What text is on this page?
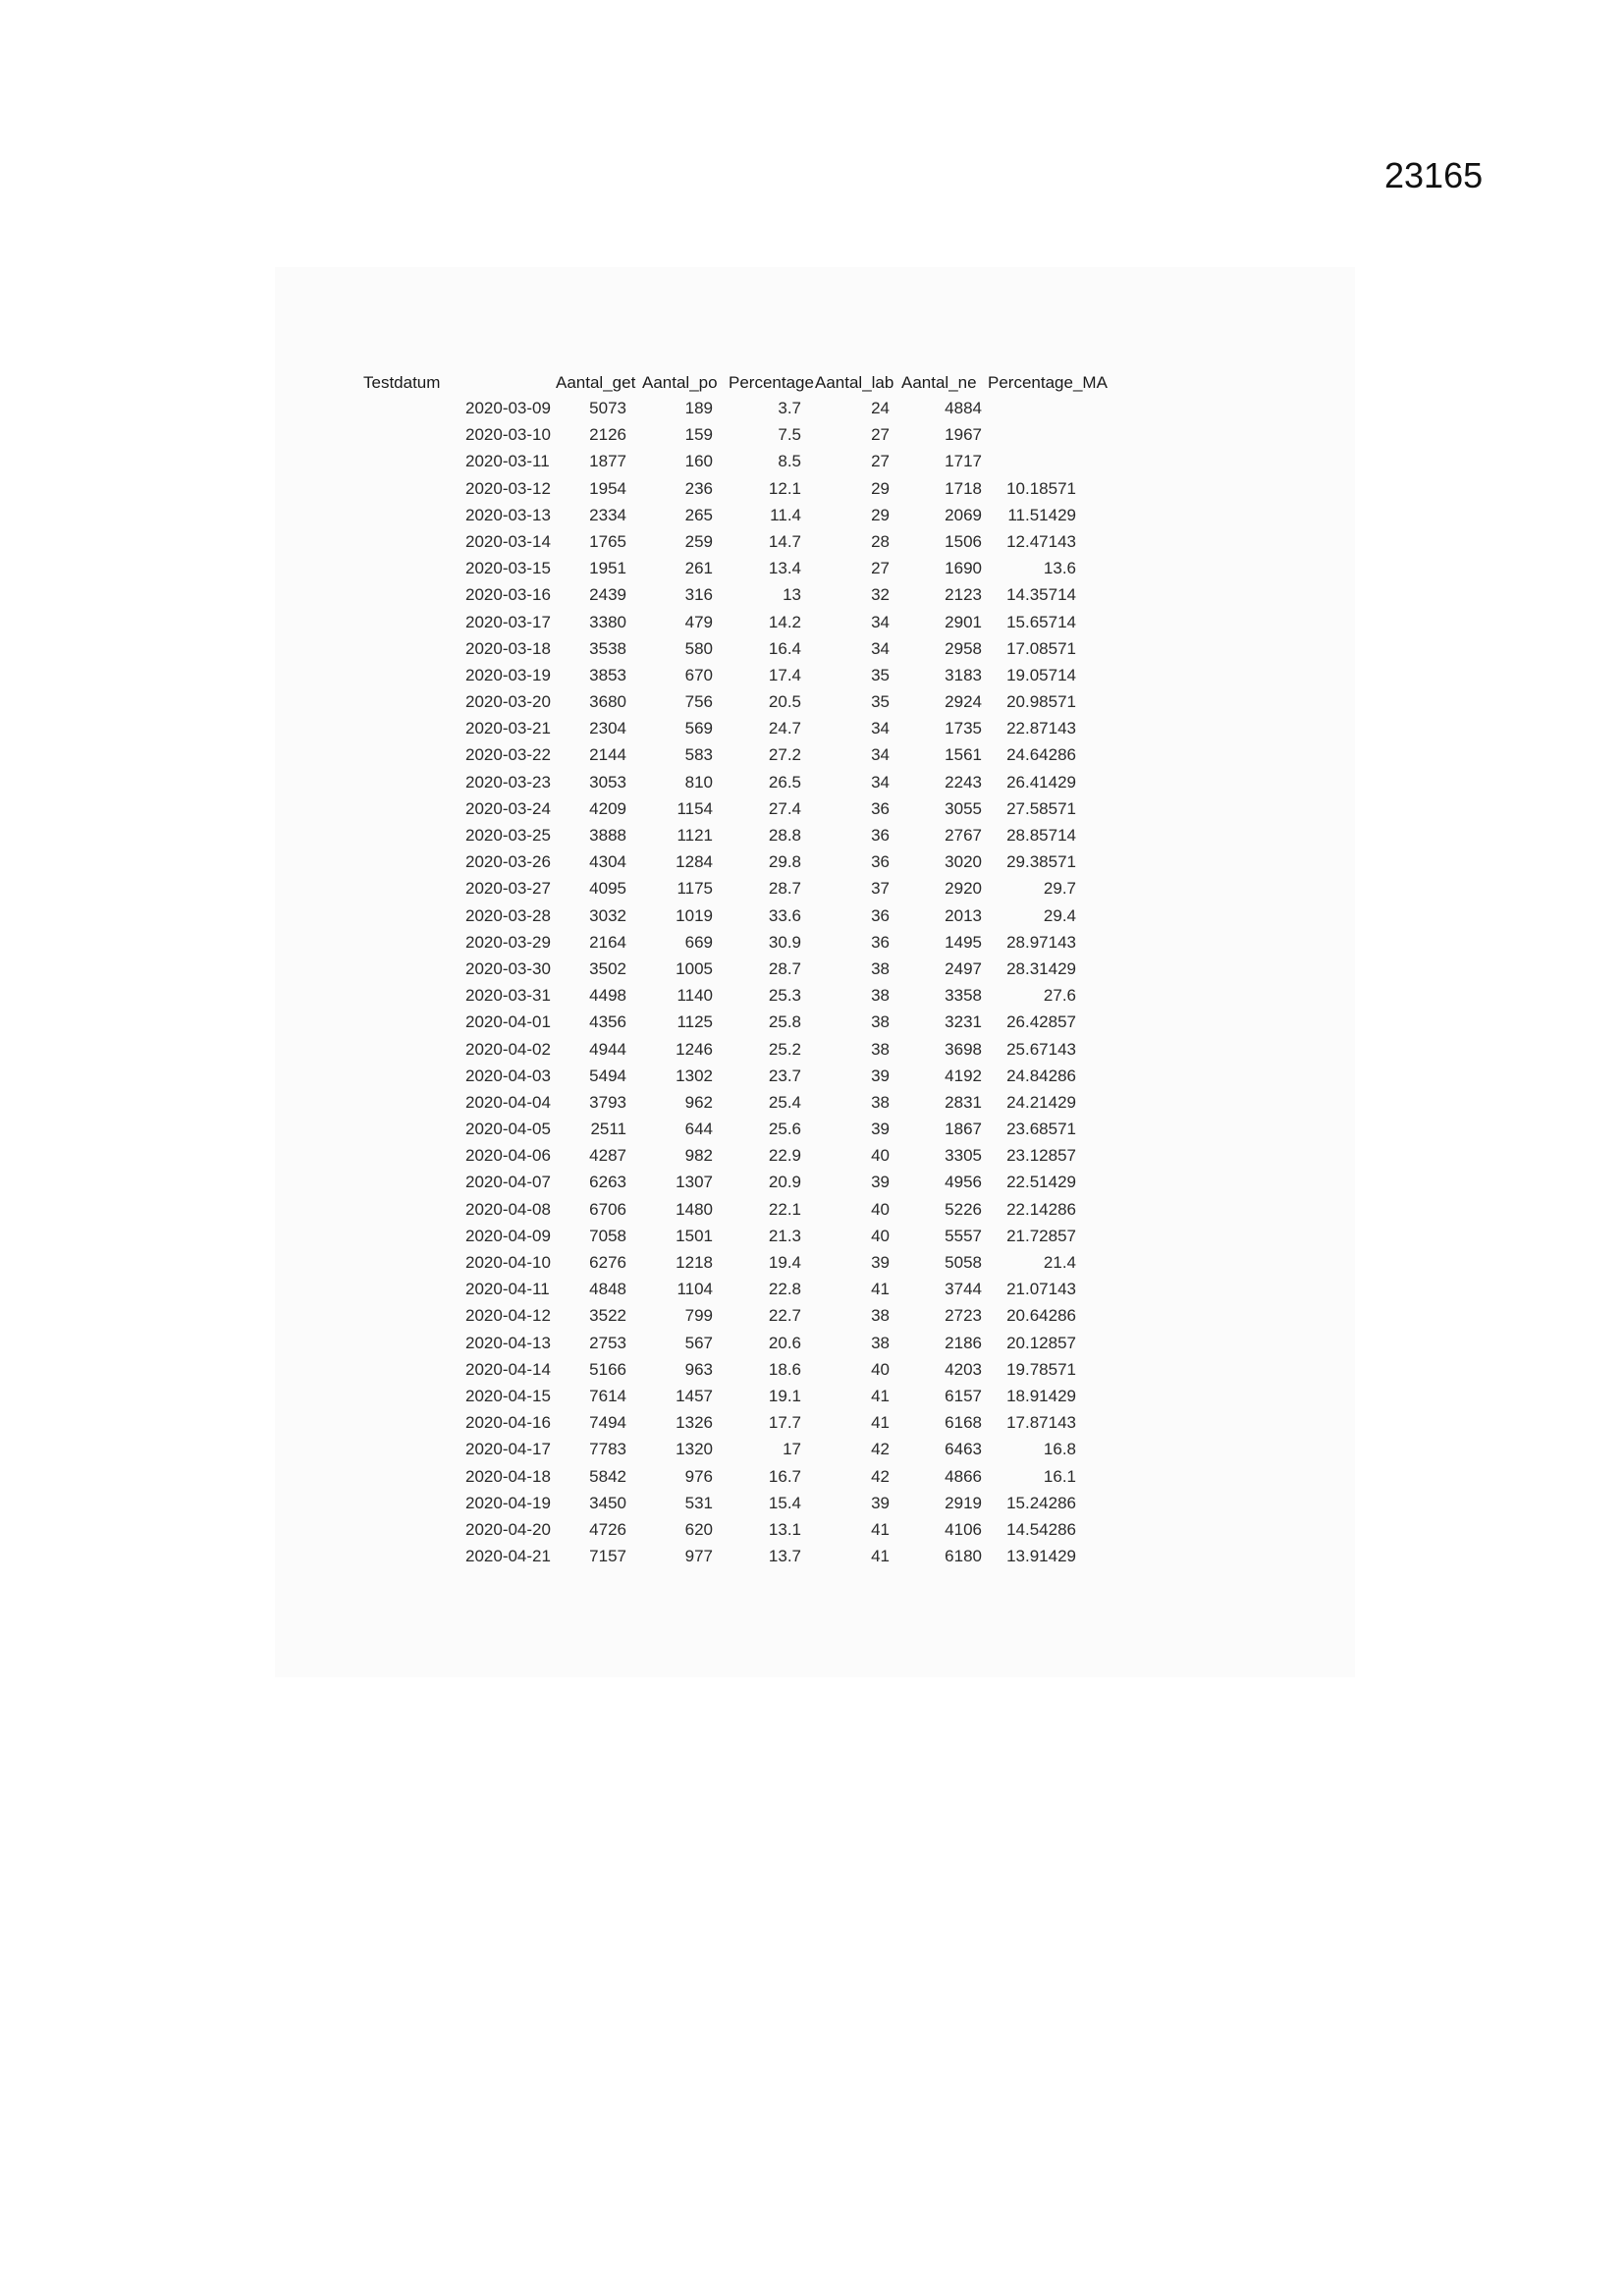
23165
Testdatum	Aantal_get Aantal_po Percentage Aantal_lab Aantal_ne Percentage_MA
2020-03-09	5073	189	3.7	24	4884
2020-03-10	2126	159	7.5	27	1967
2020-03-11	1877	160	8.5	27	1717
2020-03-12	1954	236	12.1	29	1718	10.18571
2020-03-13	2334	265	11.4	29	2069	11.51429
2020-03-14	1765	259	14.7	28	1506	12.47143
2020-03-15	1951	261	13.4	27	1690	13.6
2020-03-16	2439	316	13	32	2123	14.35714
2020-03-17	3380	479	14.2	34	2901	15.65714
2020-03-18	3538	580	16.4	34	2958	17.08571
2020-03-19	3853	670	17.4	35	3183	19.05714
2020-03-20	3680	756	20.5	35	2924	20.98571
2020-03-21	2304	569	24.7	34	1735	22.87143
2020-03-22	2144	583	27.2	34	1561	24.64286
2020-03-23	3053	810	26.5	34	2243	26.41429
2020-03-24	4209	1154	27.4	36	3055	27.58571
2020-03-25	3888	1121	28.8	36	2767	28.85714
2020-03-26	4304	1284	29.8	36	3020	29.38571
2020-03-27	4095	1175	28.7	37	2920	29.7
2020-03-28	3032	1019	33.6	36	2013	29.4
2020-03-29	2164	669	30.9	36	1495	28.97143
2020-03-30	3502	1005	28.7	38	2497	28.31429
2020-03-31	4498	1140	25.3	38	3358	27.6
2020-04-01	4356	1125	25.8	38	3231	26.42857
2020-04-02	4944	1246	25.2	38	3698	25.67143
2020-04-03	5494	1302	23.7	39	4192	24.84286
2020-04-04	3793	962	25.4	38	2831	24.21429
2020-04-05	2511	644	25.6	39	1867	23.68571
2020-04-06	4287	982	22.9	40	3305	23.12857
2020-04-07	6263	1307	20.9	39	4956	22.51429
2020-04-08	6706	1480	22.1	40	5226	22.14286
2020-04-09	7058	1501	21.3	40	5557	21.72857
2020-04-10	6276	1218	19.4	39	5058	21.4
2020-04-11	4848	1104	22.8	41	3744	21.07143
2020-04-12	3522	799	22.7	38	2723	20.64286
2020-04-13	2753	567	20.6	38	2186	20.12857
2020-04-14	5166	963	18.6	40	4203	19.78571
2020-04-15	7614	1457	19.1	41	6157	18.91429
2020-04-16	7494	1326	17.7	41	6168	17.87143
2020-04-17	7783	1320	17	42	6463	16.8
2020-04-18	5842	976	16.7	42	4866	16.1
2020-04-19	3450	531	15.4	39	2919	15.24286
2020-04-20	4726	620	13.1	41	4106	14.54286
2020-04-21	7157	977	13.7	41	6180	13.91429
